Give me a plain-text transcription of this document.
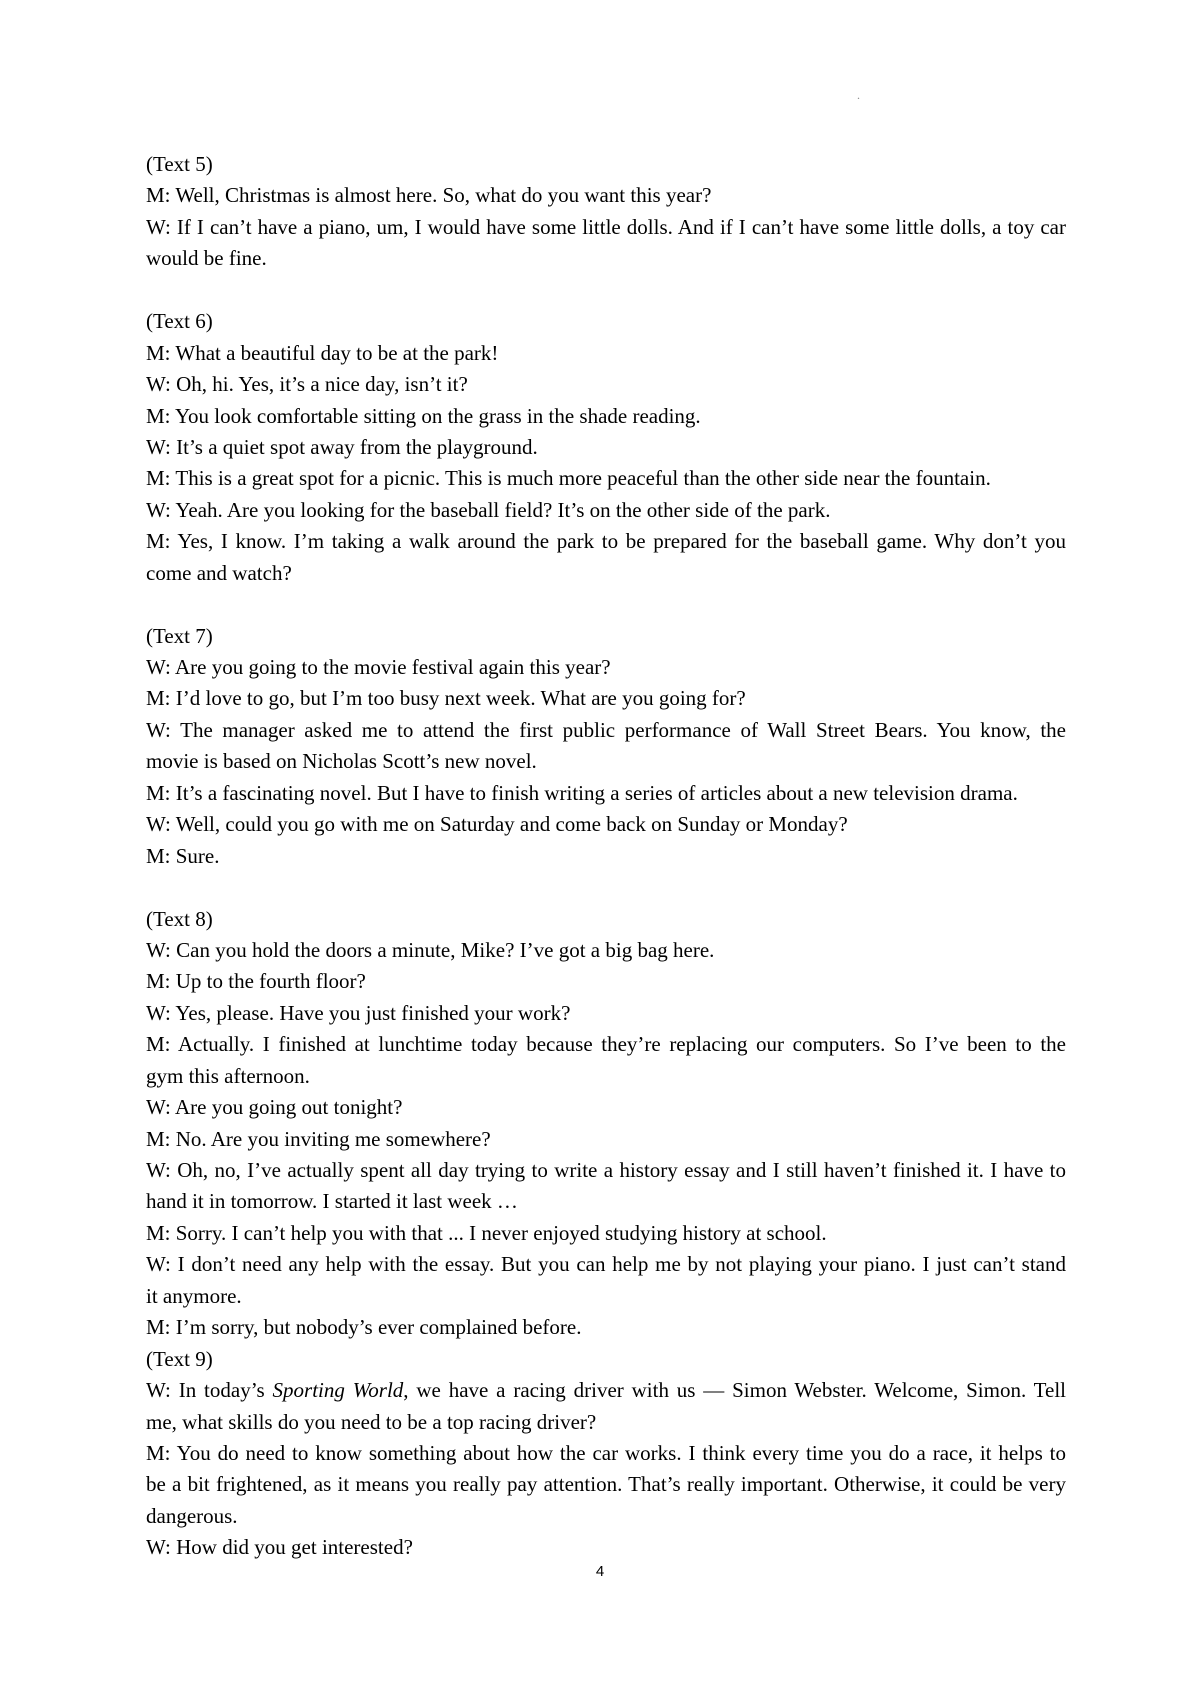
.
(Text 5)
M: Well, Christmas is almost here. So, what do you want this year?
W: If I can’t have a piano, um, I would have some little dolls. And if I can’t have some little dolls, a toy car
would be fine.
(Text 6)
M: What a beautiful day to be at the park!
W: Oh, hi. Yes, it’s a nice day, isn’t it?
M: You look comfortable sitting on the grass in the shade reading.
W: It’s a quiet spot away from the playground.
M: This is a great spot for a picnic. This is much more peaceful than the other side near the fountain.
W: Yeah. Are you looking for the baseball field? It’s on the other side of the park.
M: Yes, I know. I’m taking a walk around the park to be prepared for the baseball game. Why don’t you
come and watch?
(Text 7)
W: Are you going to the movie festival again this year?
M: I’d love to go, but I’m too busy next week. What are you going for?
W: The manager asked me to attend the first public performance of Wall Street Bears. You know, the
movie is based on Nicholas Scott’s new novel.
M: It’s a fascinating novel. But I have to finish writing a series of articles about a new television drama.
W: Well, could you go with me on Saturday and come back on Sunday or Monday?
M: Sure.
(Text 8)
W: Can you hold the doors a minute, Mike? I’ve got a big bag here.
M: Up to the fourth floor?
W: Yes, please. Have you just finished your work?
M: Actually. I finished at lunchtime today because they’re replacing our computers. So I’ve been to the
gym this afternoon.
W: Are you going out tonight?
M: No. Are you inviting me somewhere?
W: Oh, no, I’ve actually spent all day trying to write a history essay and I still haven’t finished it. I have to
hand it in tomorrow. I started it last week …
M: Sorry. I can’t help you with that ... I never enjoyed studying history at school.
W: I don’t need any help with the essay. But you can help me by not playing your piano. I just can’t stand
it anymore.
M: I’m sorry, but nobody’s ever complained before.
(Text 9)
W: In today’s Sporting World, we have a racing driver with us — Simon Webster. Welcome, Simon. Tell
me, what skills do you need to be a top racing driver?
M: You do need to know something about how the car works. I think every time you do a race, it helps to
be a bit frightened, as it means you really pay attention. That’s really important. Otherwise, it could be very
dangerous.
W: How did you get interested?
4
